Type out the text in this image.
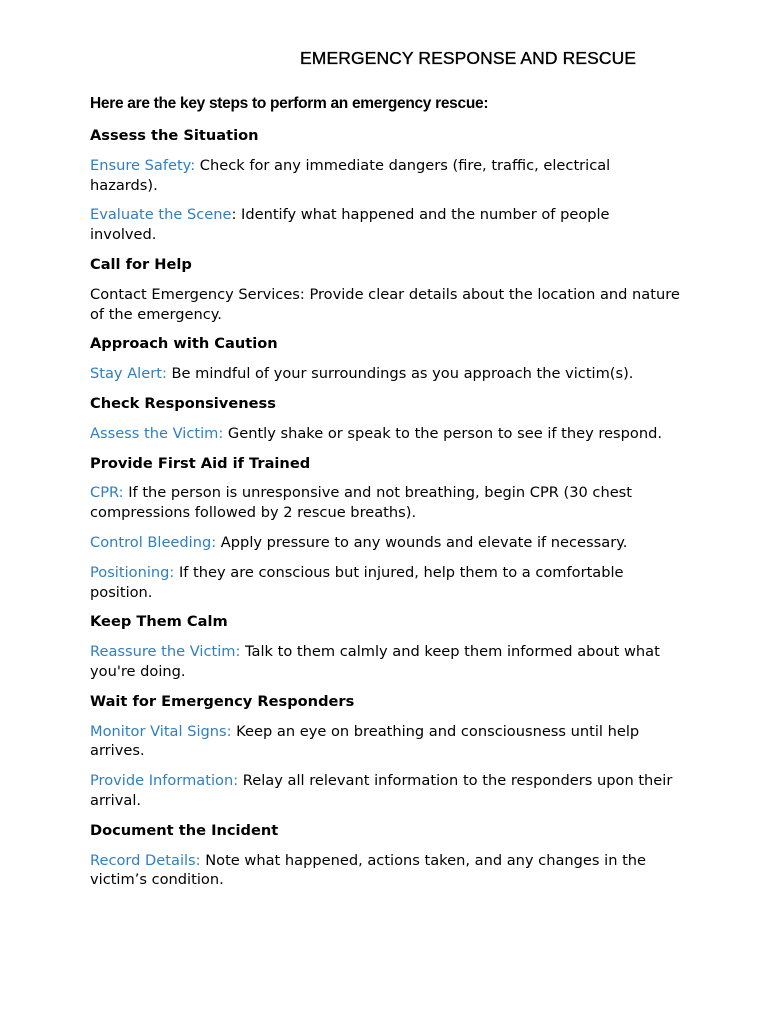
EMERGENCY RESPONSE AND RESCUE

Here are the key steps to perform an emergency rescue:

Assess the Situation

Ensure Safety: Check for any immediate dangers (fire, traffic, electrical hazards).

Evaluate the Scene: Identify what happened and the number of people involved.

Call for Help

Contact Emergency Services: Provide clear details about the location and nature of the emergency.

Approach with Caution

Stay Alert: Be mindful of your surroundings as you approach the victim(s).

Check Responsiveness

Assess the Victim: Gently shake or speak to the person to see if they respond.

Provide First Aid if Trained

CPR: If the person is unresponsive and not breathing, begin CPR (30 chest compressions followed by 2 rescue breaths).

Control Bleeding: Apply pressure to any wounds and elevate if necessary.

Positioning: If they are conscious but injured, help them to a comfortable position.

Keep Them Calm

Reassure the Victim: Talk to them calmly and keep them informed about what you're doing.

Wait for Emergency Responders

Monitor Vital Signs: Keep an eye on breathing and consciousness until help arrives.

Provide Information: Relay all relevant information to the responders upon their arrival.

Document the Incident

Record Details: Note what happened, actions taken, and any changes in the victim’s condition.
